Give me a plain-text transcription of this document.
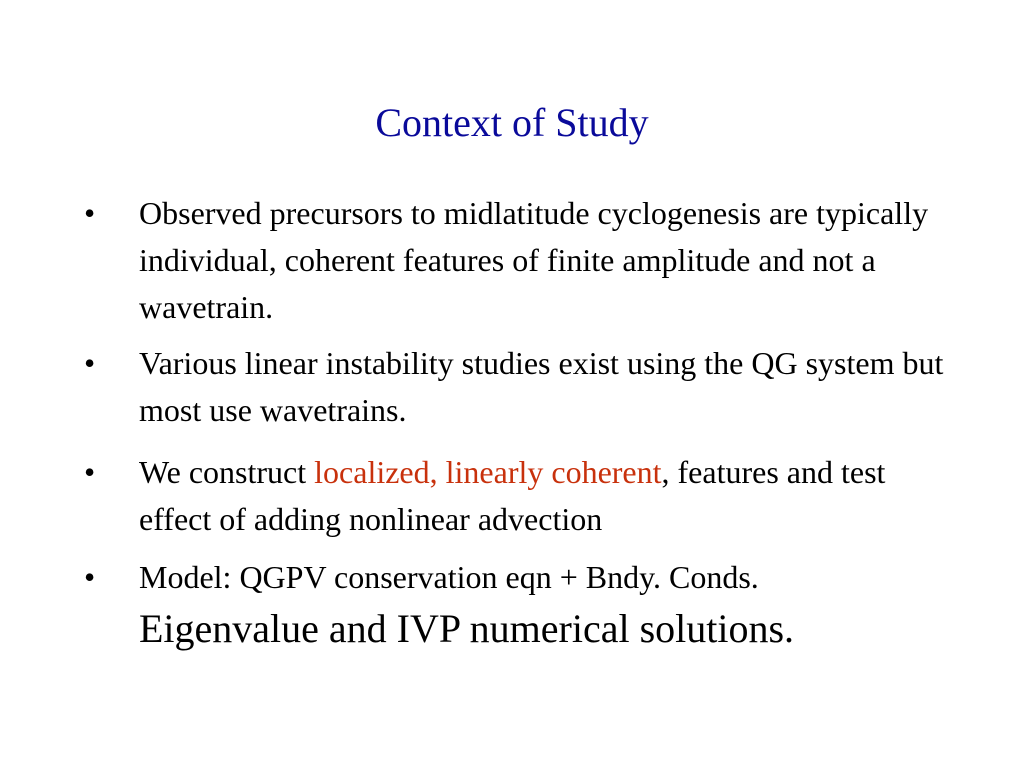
Context of Study
• Observed precursors to midlatitude cyclogenesis are typically individual, coherent features of finite amplitude and not a wavetrain.
• Various linear instability studies exist using the QG system but most use wavetrains.
• We construct localized, linearly coherent, features and test effect of adding nonlinear advection
• Model: QGPV conservation eqn + Bndy. Conds.
Eigenvalue and IVP numerical solutions.
